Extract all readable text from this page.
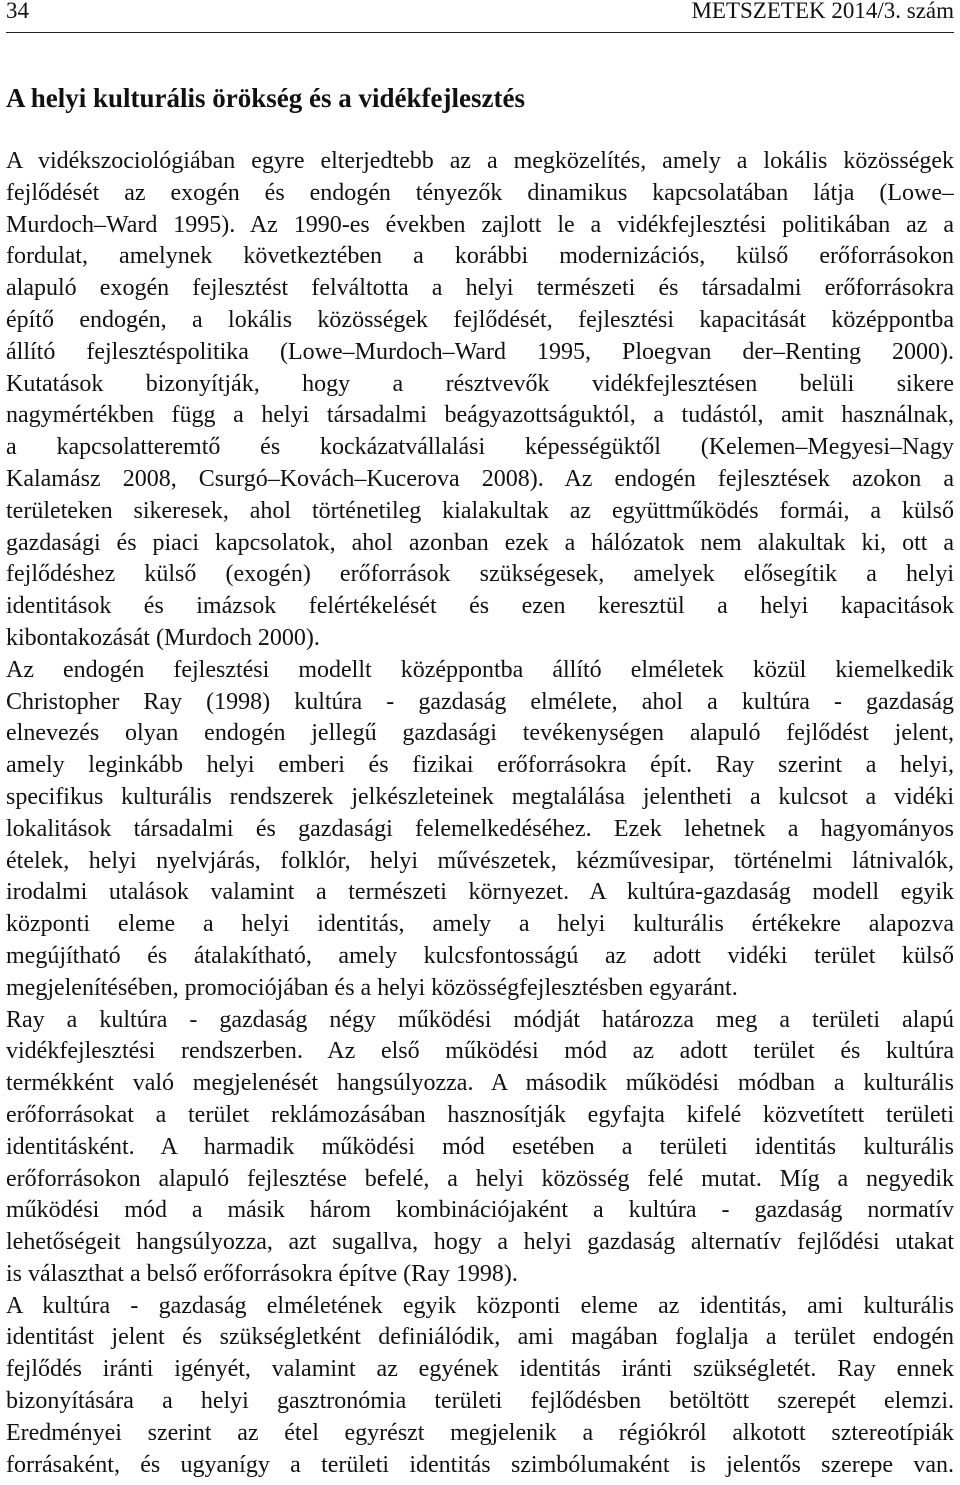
34	METSZETEK 2014/3. szám
A helyi kulturális örökség és a vidékfejlesztés
A vidékszociológiában egyre elterjedtebb az a megközelítés, amely a lokális közösségek
fejlődését az exogén és endogén tényezők dinamikus kapcsolatában látja (Lowe–
Murdoch–Ward 1995). Az 1990-es években zajlott le a vidékfejlesztési politikában az a
fordulat, amelynek következtében a korábbi modernizációs, külső erőforrásokon
alapuló exogén fejlesztést felváltotta a helyi természeti és társadalmi erőforrásokra
építő endogén, a lokális közösségek fejlődését, fejlesztési kapacitását középpontba
állító fejlesztéspolitika (Lowe–Murdoch–Ward 1995, Ploegvan der–Renting 2000).
Kutatások bizonyítják, hogy a résztvevők vidékfejlesztésen belüli sikere
nagymértékben függ a helyi társadalmi beágyazottságuktól, a tudástól, amit használnak,
a kapcsolatteremtő és kockázatvállalási képességüktől (Kelemen–Megyesi–Nagy
Kalamász 2008, Csurgó–Kovách–Kucerova 2008). Az endogén fejlesztések azokon a
területeken sikeresek, ahol történetileg kialakultak az együttműködés formái, a külső
gazdasági és piaci kapcsolatok, ahol azonban ezek a hálózatok nem alakultak ki, ott a
fejlődéshez külső (exogén) erőforrások szükségesek, amelyek elősegítik a helyi
identitások és imázsok felértékelését és ezen keresztül a helyi kapacitások
kibontakozását (Murdoch 2000).
Az endogén fejlesztési modellt középpontba állító elméletek közül kiemelkedik
Christopher Ray (1998) kultúra - gazdaság elmélete, ahol a kultúra - gazdaság
elnevezés olyan endogén jellegű gazdasági tevékenységen alapuló fejlődést jelent,
amely leginkább helyi emberi és fizikai erőforrásokra épít. Ray szerint a helyi,
specifikus kulturális rendszerek jelkészleteinek megtalálása jelentheti a kulcsot a vidéki
lokalitások társadalmi és gazdasági felemelkedéséhez. Ezek lehetnek a hagyományos
ételek, helyi nyelvjárás, folklór, helyi művészetek, kézművesipar, történelmi látnivalók,
irodalmi utalások valamint a természeti környezet. A kultúra-gazdaság modell egyik
központi eleme a helyi identitás, amely a helyi kulturális értékekre alapozva
megújítható és átalakítható, amely kulcsfontosságú az adott vidéki terület külső
megjelenítésében, promociójában és a helyi közösségfejlesztésben egyaránt.
Ray a kultúra - gazdaság négy működési módját határozza meg a területi alapú
vidékfejlesztési rendszerben. Az első működési mód az adott terület és kultúra
termékként való megjelenését hangsúlyozza. A második működési módban a kulturális
erőforrásokat a terület reklámozásában hasznosítják egyfajta kifelé közvetített területi
identitásként. A harmadik működési mód esetében a területi identitás kulturális
erőforrásokon alapuló fejlesztése befelé, a helyi közösség felé mutat. Míg a negyedik
működési mód a másik három kombinációjaként a kultúra - gazdaság normatív
lehetőségeit hangsúlyozza, azt sugallva, hogy a helyi gazdaság alternatív fejlődési utakat
is választhat a belső erőforrásokra építve (Ray 1998).
A kultúra - gazdaság elméletének egyik központi eleme az identitás, ami kulturális
identitást jelent és szükségletként definiálódik, ami magában foglalja a terület endogén
fejlődés iránti igényét, valamint az egyének identitás iránti szükségletét. Ray ennek
bizonyítására a helyi gasztronómia területi fejlődésben betöltött szerepét elemzi.
Eredményei szerint az étel egyrészt megjelenik a régiókról alkotott sztereotípiák
forrásaként, és ugyanígy a területi identitás szimbólumaként is jelentős szerepe van.
